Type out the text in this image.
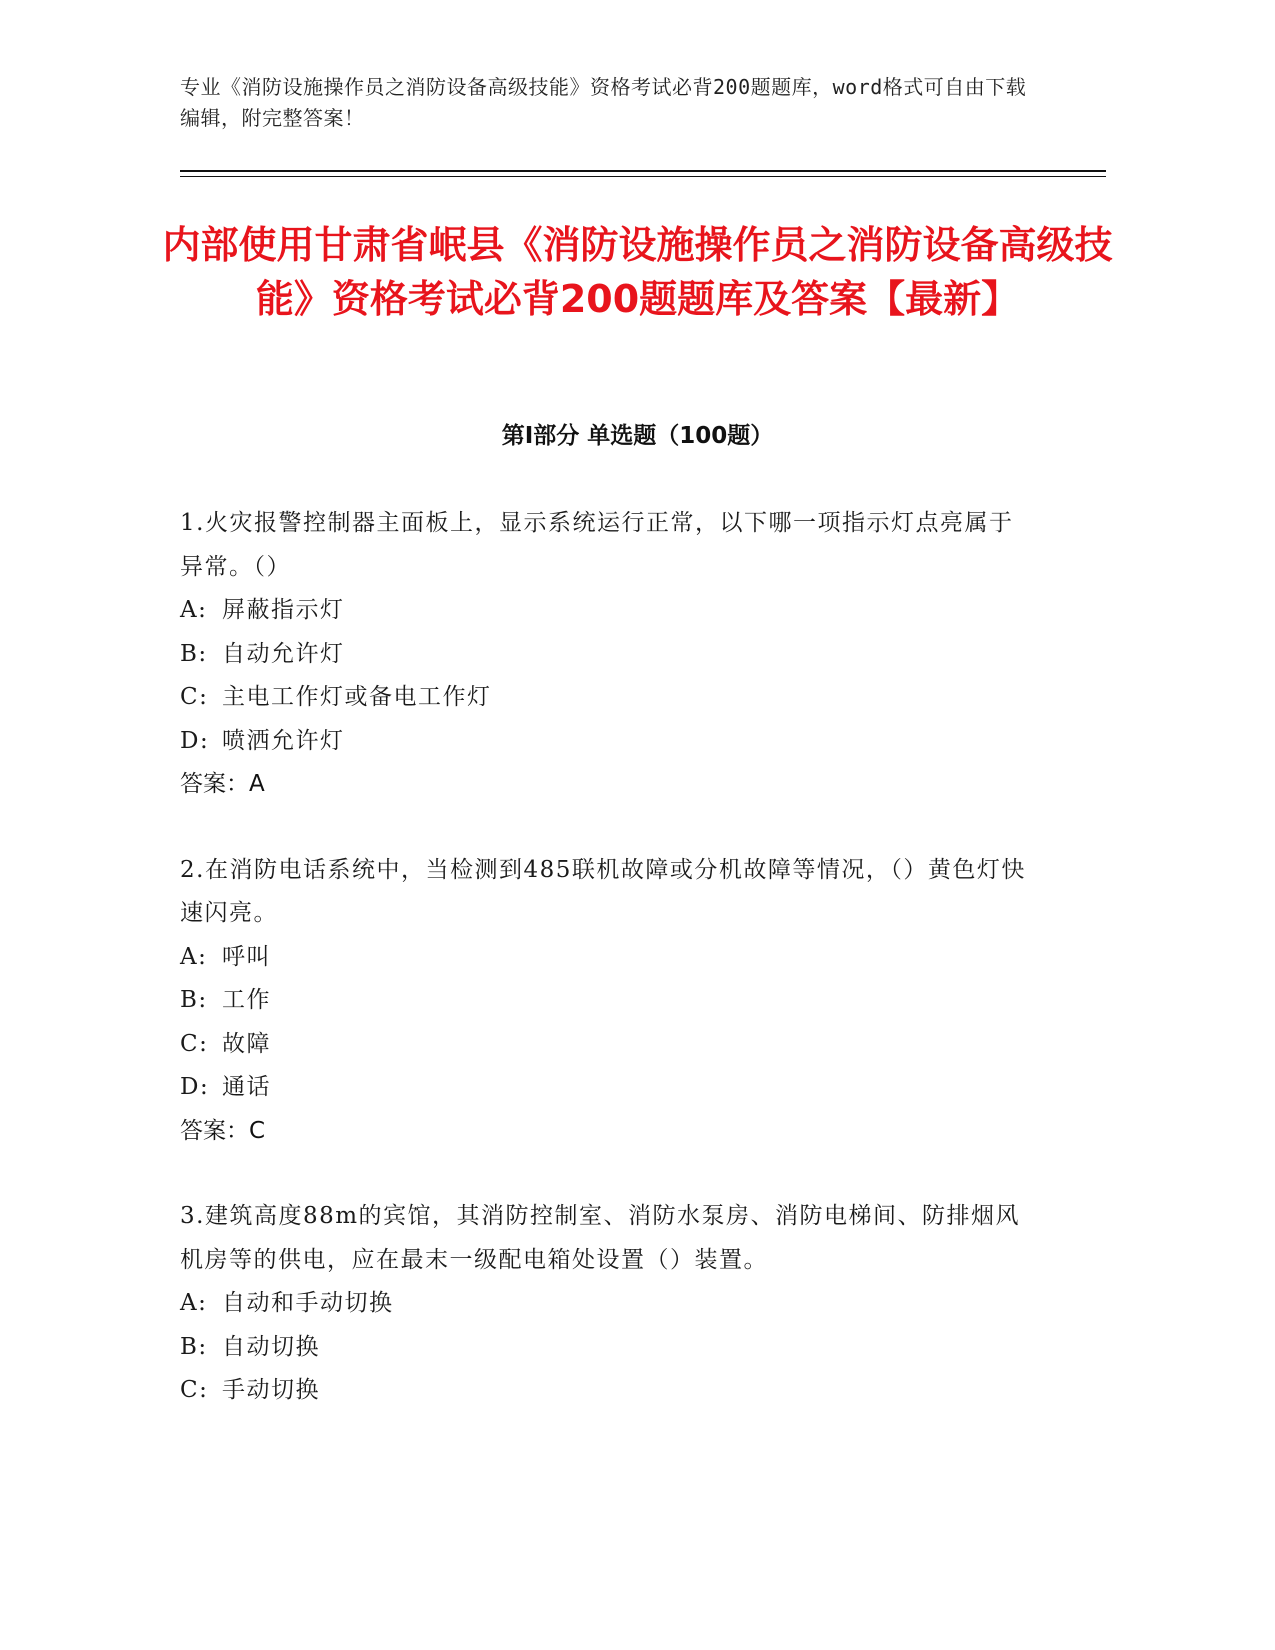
专业《消防设施操作员之消防设备高级技能》资格考试必背200题题库，word格式可自由下载编辑，附完整答案！
内部使用甘肃省岷县《消防设施操作员之消防设备高级技能》资格考试必背200题题库及答案【最新】
第Ⅰ部分 单选题（100题）
1.火灾报警控制器主面板上，显示系统运行正常，以下哪一项指示灯点亮属于异常。（）
A: 屏蔽指示灯
B: 自动允许灯
C: 主电工作灯或备电工作灯
D: 喷洒允许灯
答案：A
2.在消防电话系统中，当检测到485联机故障或分机故障等情况，（）黄色灯快速闪亮。
A: 呼叫
B: 工作
C: 故障
D: 通话
答案：C
3.建筑高度88m的宾馆，其消防控制室、消防水泵房、消防电梯间、防排烟风机房等的供电，应在最末一级配电箱处设置（）装置。
A: 自动和手动切换
B: 自动切换
C: 手动切换
